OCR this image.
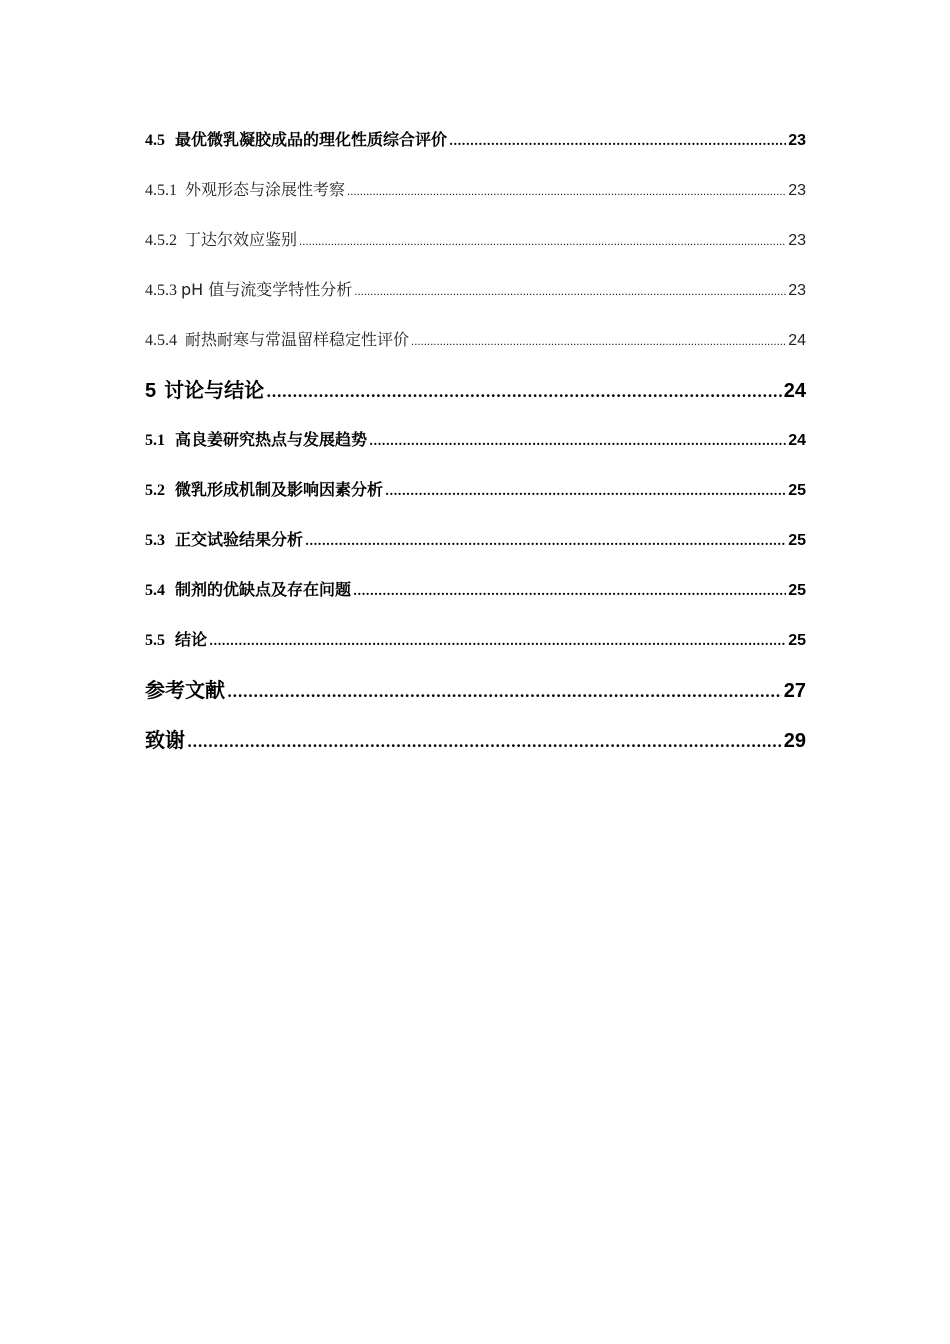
4.5 最优微乳凝胶成品的理化性质综合评价 .....	23
4.5.1 外观形态与涂展性考察 .....	23
4.5.2 丁达尔效应鉴别 .....	23
4.5.3 pH 值与流变学特性分析 .....	23
4.5.4 耐热耐寒与常温留样稳定性评价 .....	24
5 讨论与结论 .....	24
5.1 高良姜研究热点与发展趋势 .....	24
5.2 微乳形成机制及影响因素分析 .....	25
5.3 正交试验结果分析 .....	25
5.4 制剂的优缺点及存在问题 .....	25
5.5 结论 .....	25
参考文献 .....	27
致谢 .....	29
